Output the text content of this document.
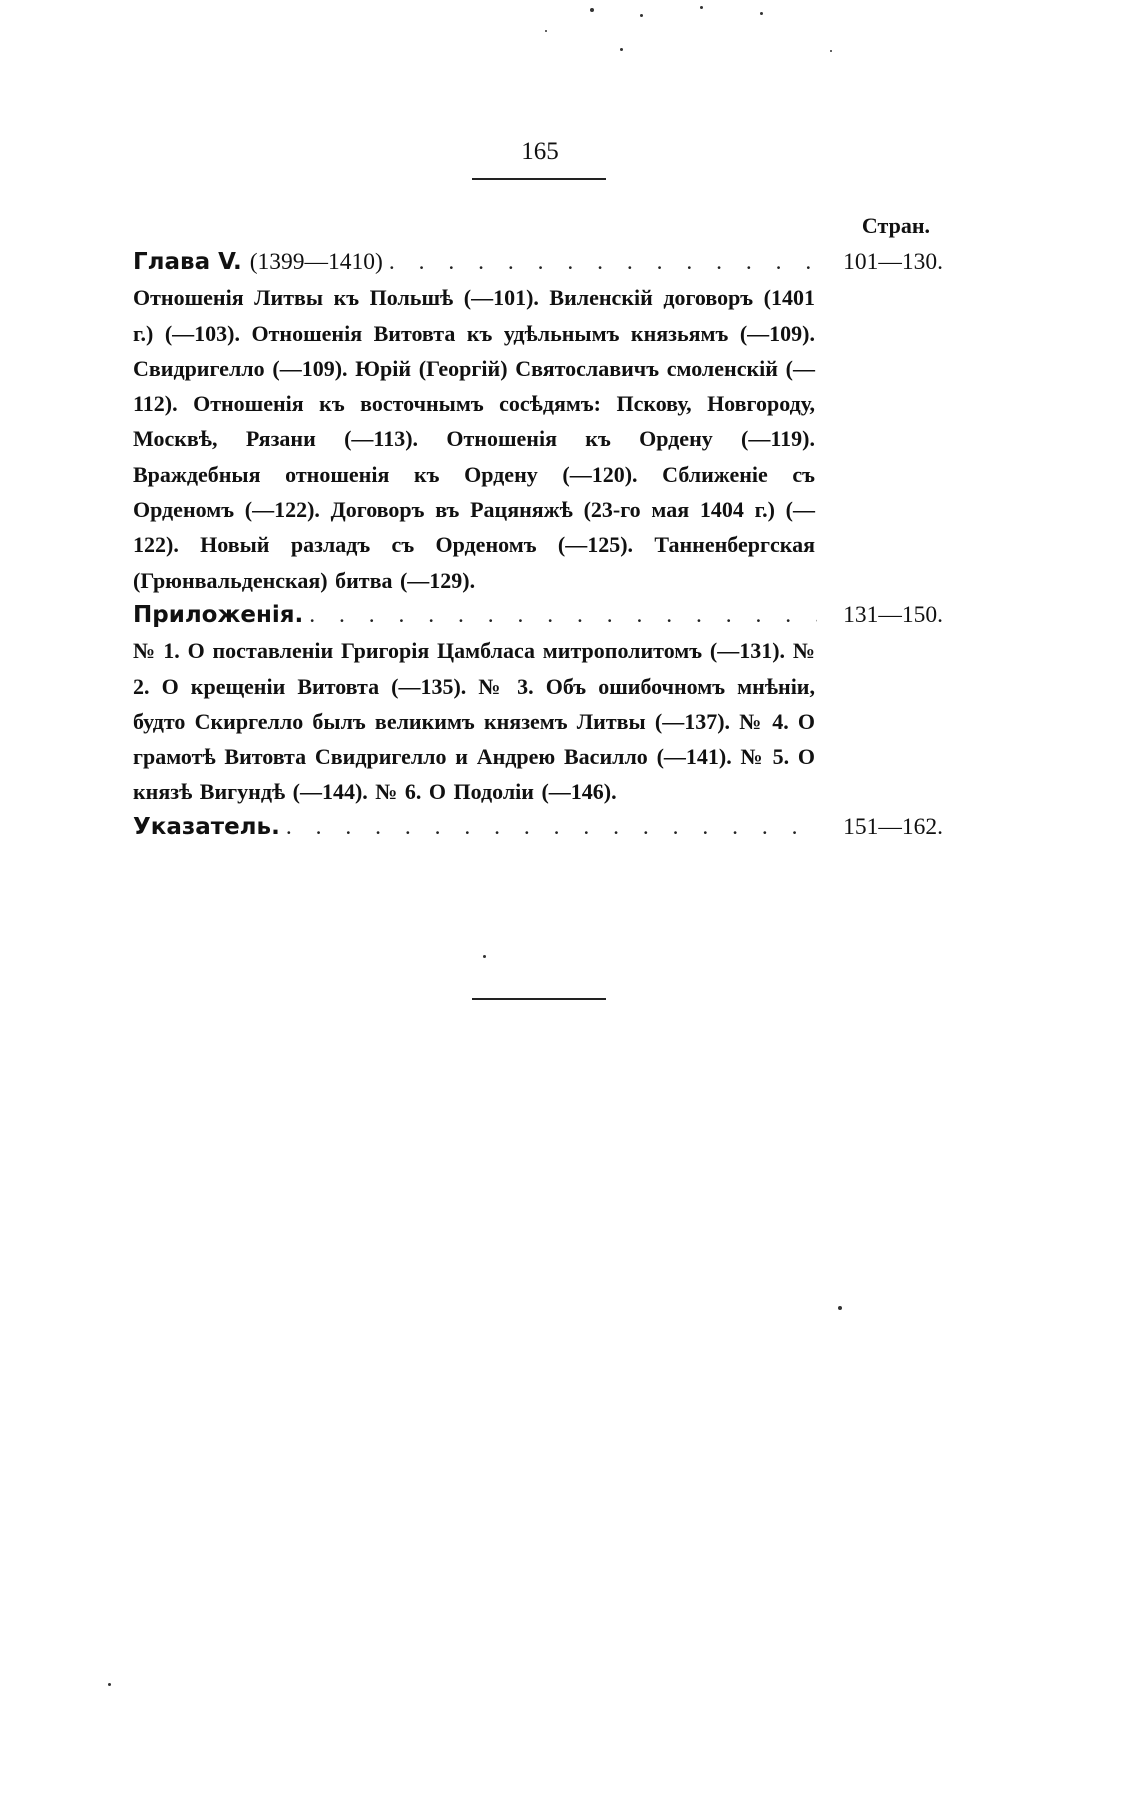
165
Стран.
Глава V. (1399—1410) . . .	101—130.
Отношенія Литвы къ Польшѣ (—101). Виленскій договоръ (1401 г.) (—103). Отношенія Витовта къ удѣльнымъ князьямъ (—109). Свидригелло (—109). Юрій (Георгій) Святославичъ смоленскій (—112). Отношенія къ восточнымъ сосѣдямъ: Пскову, Новгороду, Москвѣ, Рязани (—113). Отношенія къ Ордену (—119). Враждебныя отношенія къ Ордену (—120). Сближеніе съ Орденомъ (—122). Договоръ въ Рацяняжѣ (23-го мая 1404 г.) (—122). Новый разладъ съ Орденомъ (—125). Танненбергская (Грюнвальденская) битва (—129).
Приложенія. . . .	131—150.
№ 1. О поставленіи Григорія Цамбласа митрополитомъ (—131). № 2. О крещеніи Витовта (—135). № 3. Объ ошибочномъ мнѣніи, будто Скиргелло былъ великимъ княземъ Литвы (—137). № 4. О грамотѣ Витовта Свидригелло и Андрею Василло (—141). № 5. О князѣ Вигундѣ (—144). № 6. О Подоліи (—146).
Указатель. . . .	151—162.
